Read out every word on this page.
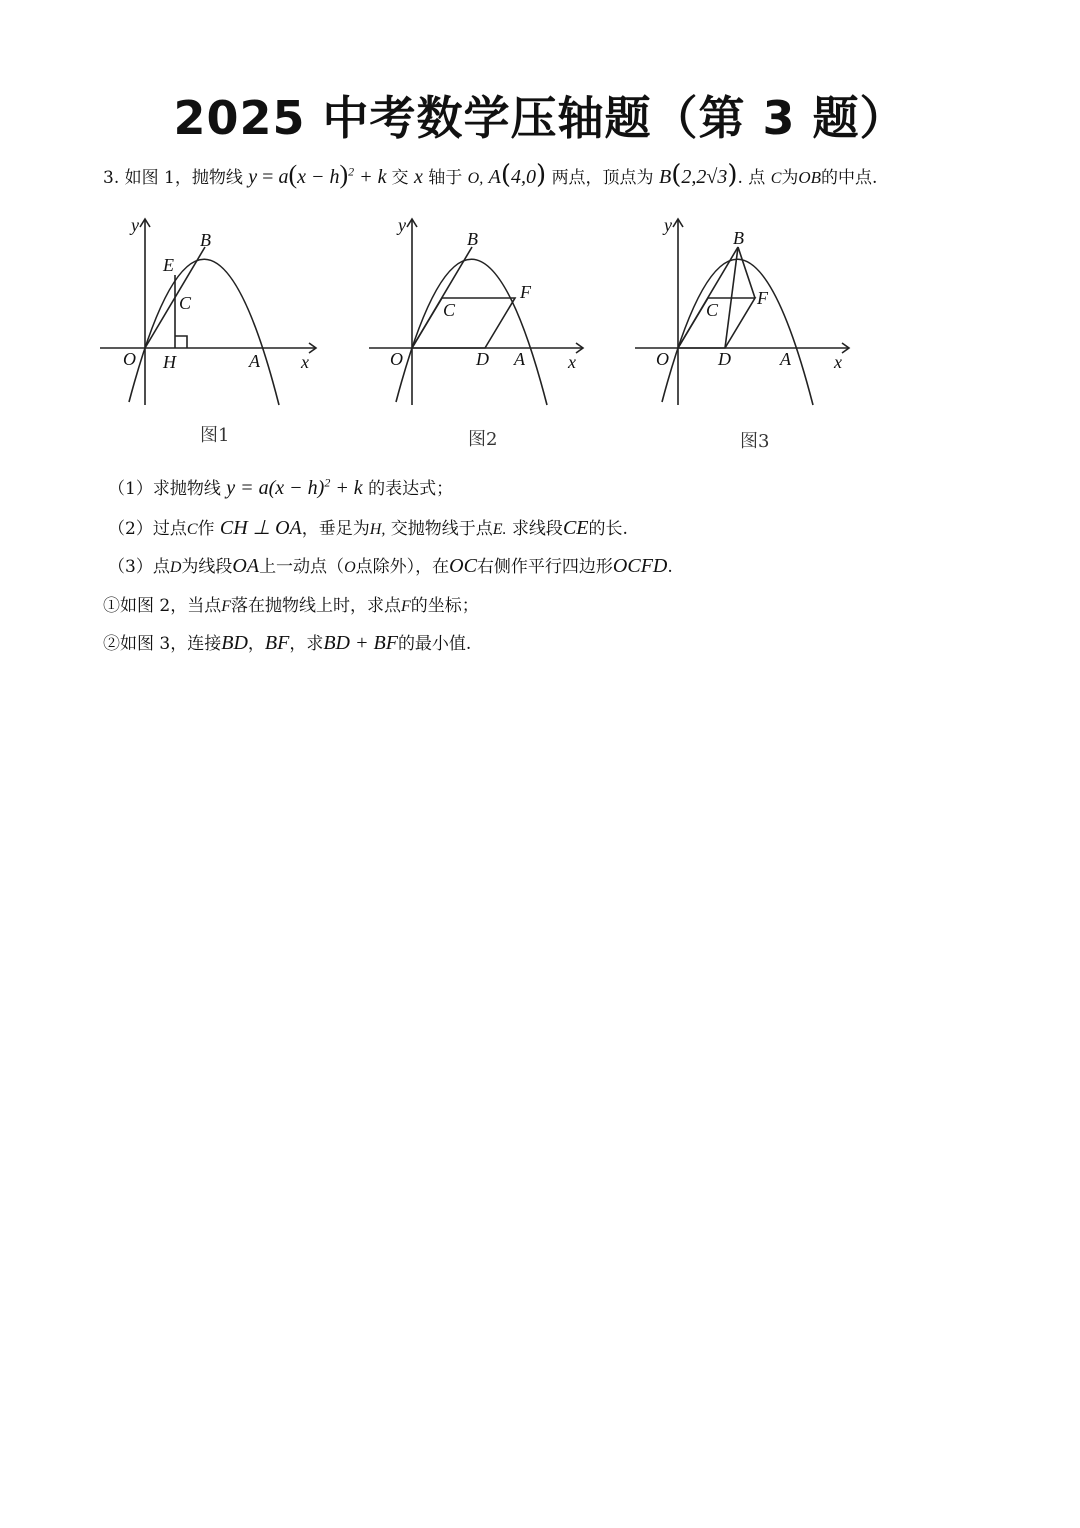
2025 中考数学压轴题（第 3 题）
3. 如图 1，抛物线 $y = a(x - h)^2 + k$ 交 x 轴于 O, A(4,0) 两点，顶点为 B(2,2√3). 点 C为OB的中点.
y
x
O H	A
B
E
C
图1
y
x
O	D A
B
C
F
图2
y
x
O	D	A
B
C
F
图3
（1）求抛物线 $y = a(x - h)^2 + k$ 的表达式；
（2）过点C作 CH ⊥ OA，垂足为H, 交抛物线于点E. 求线段CE的长.
（3）点D为线段OA上一动点（O点除外），在OC右侧作平行四边形OCFD.
①如图 2，当点F落在抛物线上时，求点F的坐标；
②如图 3，连接BD，BF，求BD + BF的最小值.
